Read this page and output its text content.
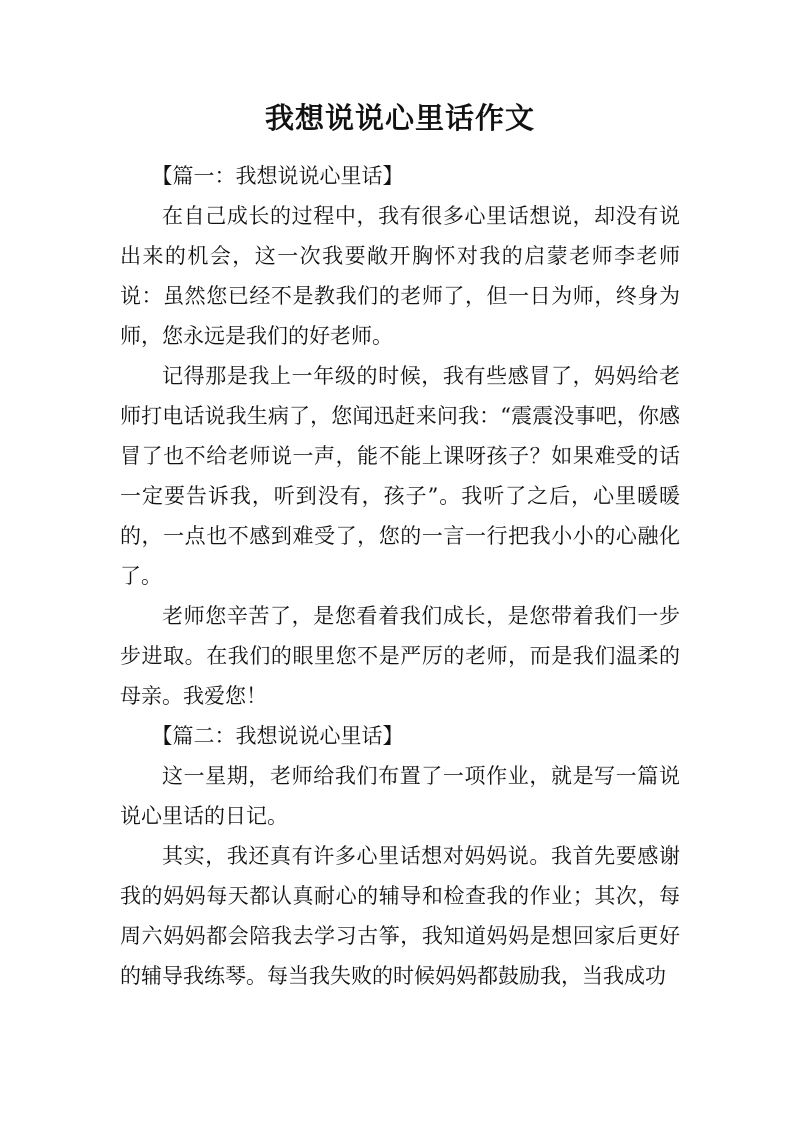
我想说说心里话作文

【篇一：我想说说心里话】

在自己成长的过程中，我有很多心里话想说，却没有说出来的机会，这一次我要敞开胸怀对我的启蒙老师李老师说：虽然您已经不是教我们的老师了，但一日为师，终身为师，您永远是我们的好老师。

记得那是我上一年级的时候，我有些感冒了，妈妈给老师打电话说我生病了，您闻迅赶来问我：“震震没事吧，你感冒了也不给老师说一声，能不能上课呀孩子？如果难受的话一定要告诉我，听到没有，孩子”。我听了之后，心里暖暖的，一点也不感到难受了，您的一言一行把我小小的心融化了。

老师您辛苦了，是您看着我们成长，是您带着我们一步步进取。在我们的眼里您不是严厉的老师，而是我们温柔的母亲。我爱您！

【篇二：我想说说心里话】

这一星期，老师给我们布置了一项作业，就是写一篇说说心里话的日记。

其实，我还真有许多心里话想对妈妈说。我首先要感谢我的妈妈每天都认真耐心的辅导和检查我的作业；其次，每周六妈妈都会陪我去学习古筝，我知道妈妈是想回家后更好的辅导我练琴。每当我失败的时候妈妈都鼓励我，当我成功
